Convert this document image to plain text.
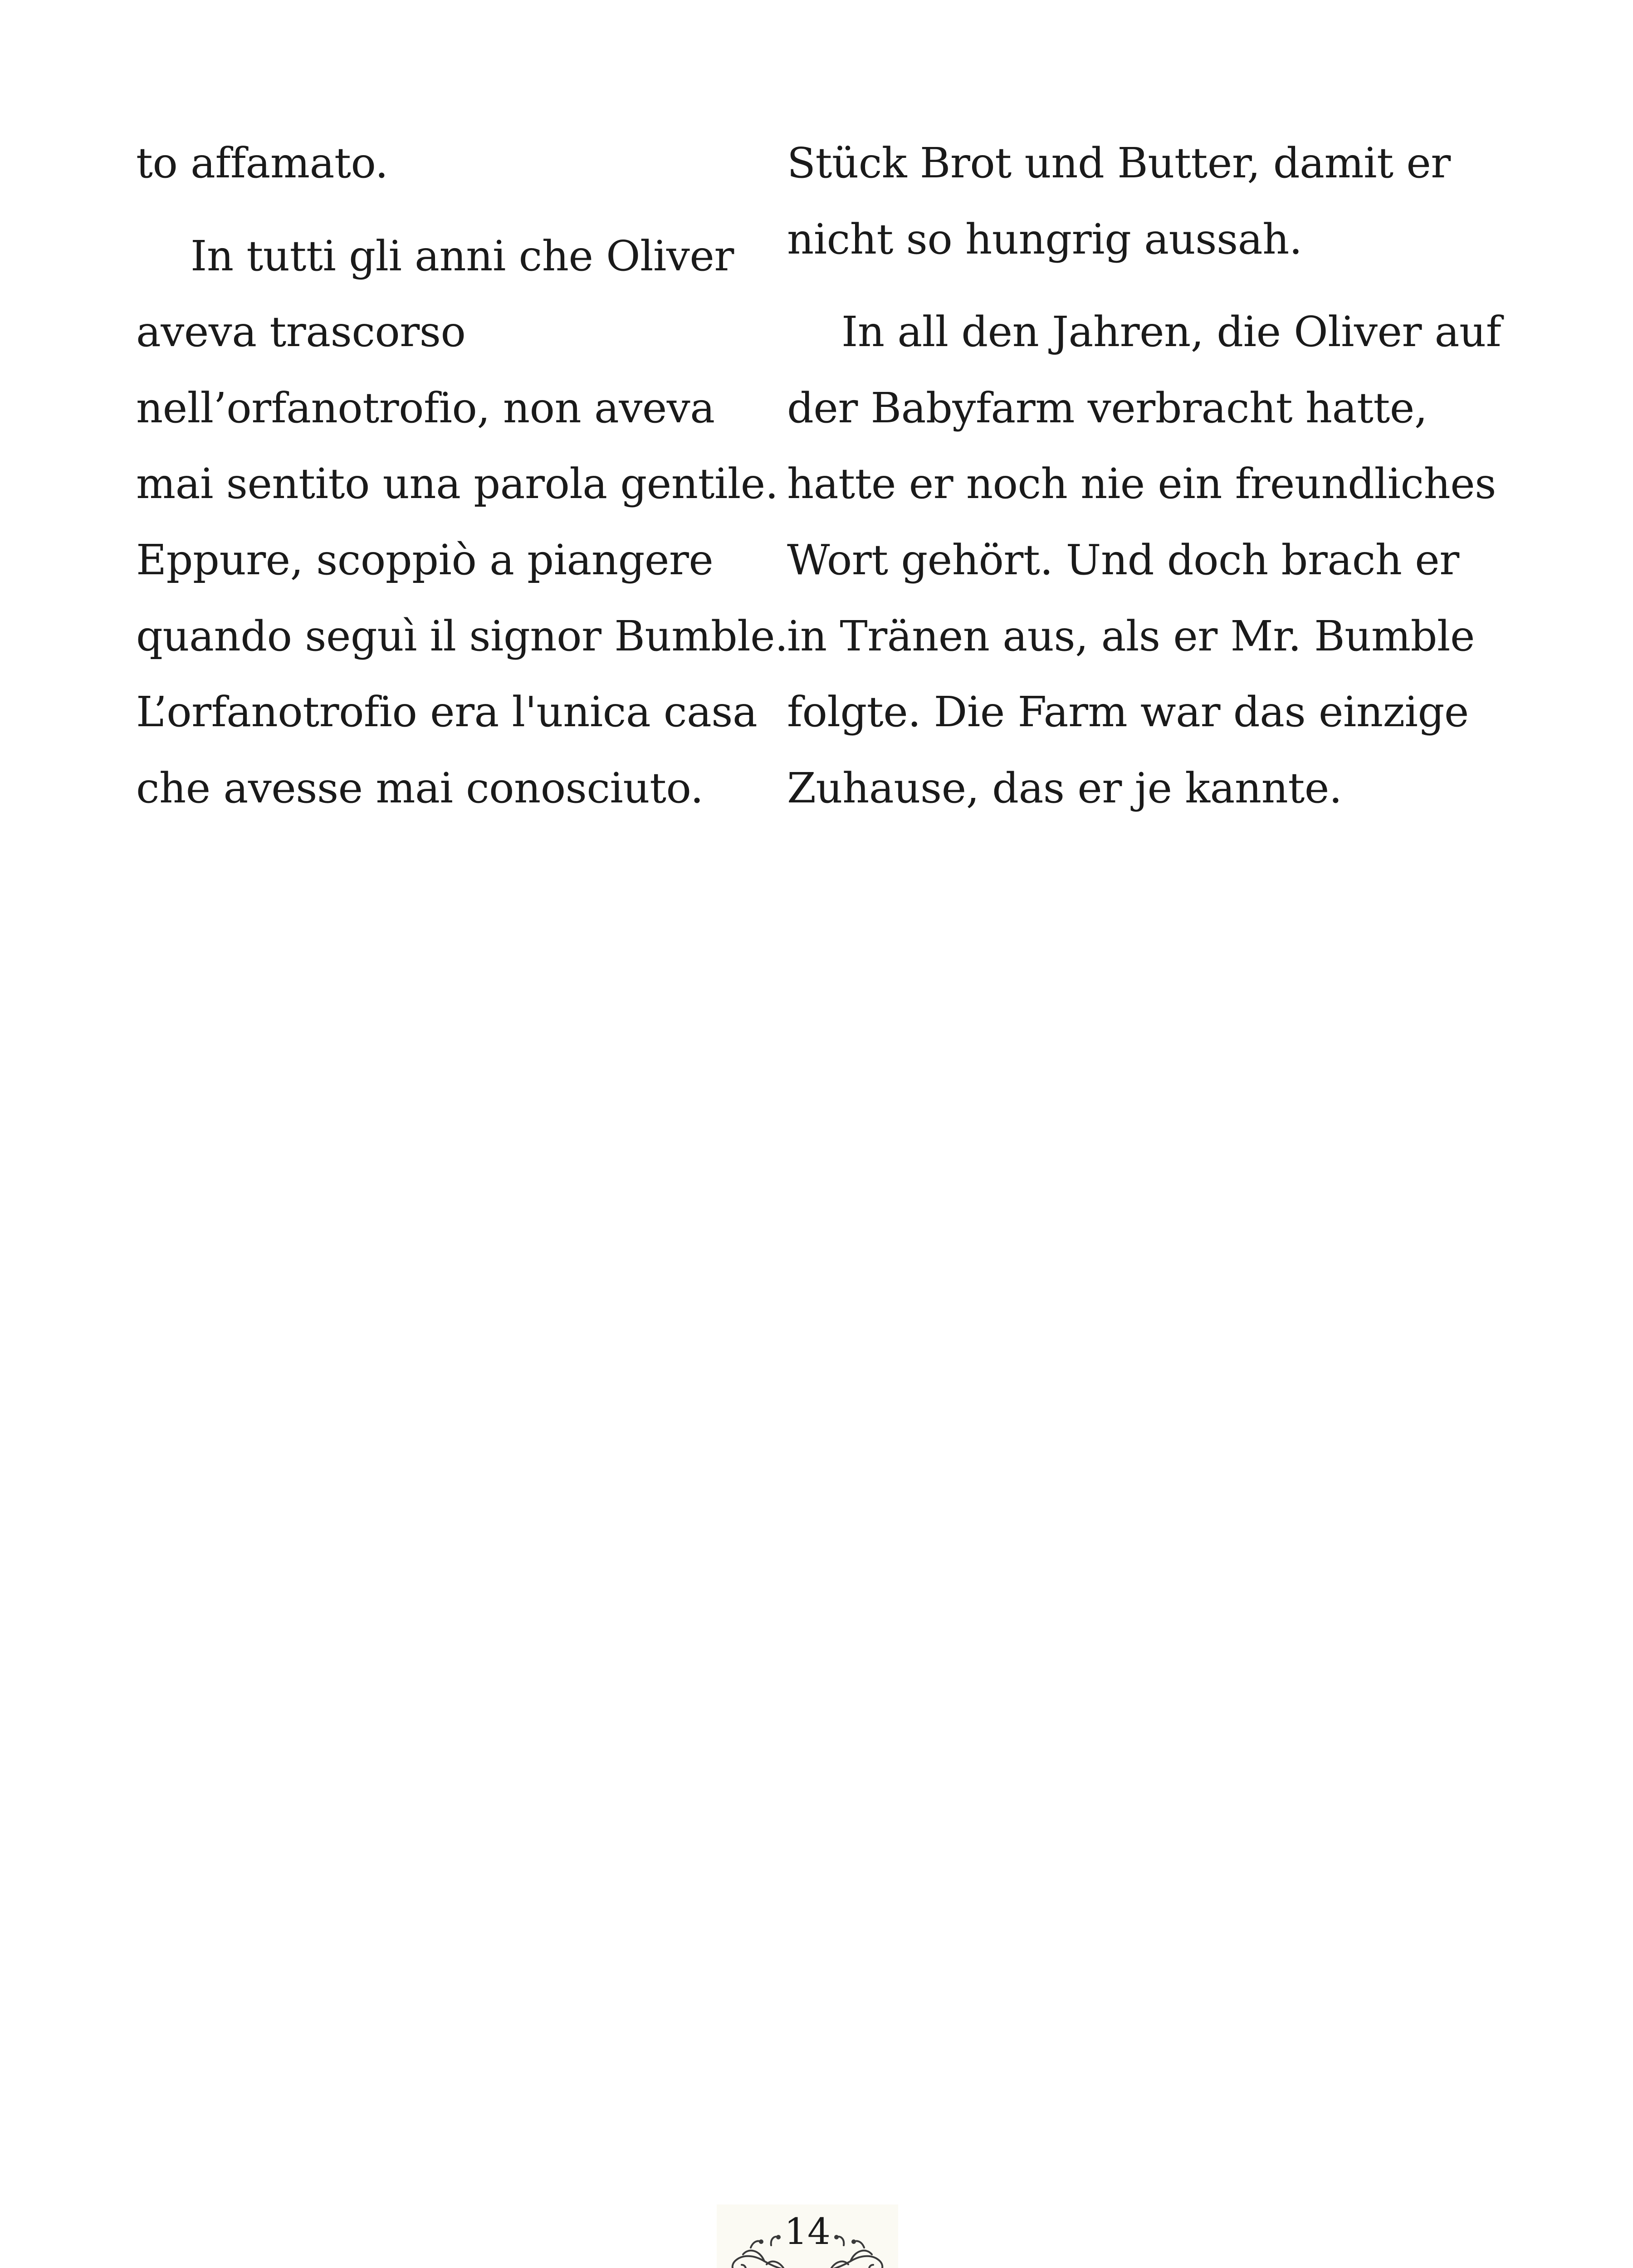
to affamato.
In tutti gli anni che Oliver
aveva trascorso
nell’orfanotrofio, non aveva
mai sentito una parola gentile.
Eppure, scoppiò a piangere
quando seguì il signor Bumble.
L’orfanotrofio era l'unica casa
che avesse mai conosciuto.
Stück Brot und Butter, damit er
nicht so hungrig aussah.
In all den Jahren, die Oliver auf
der Babyfarm verbracht hatte,
hatte er noch nie ein freundliches
Wort gehört. Und doch brach er
in Tränen aus, als er Mr. Bumble
folgte. Die Farm war das einzige
Zuhause, das er je kannte.
14
